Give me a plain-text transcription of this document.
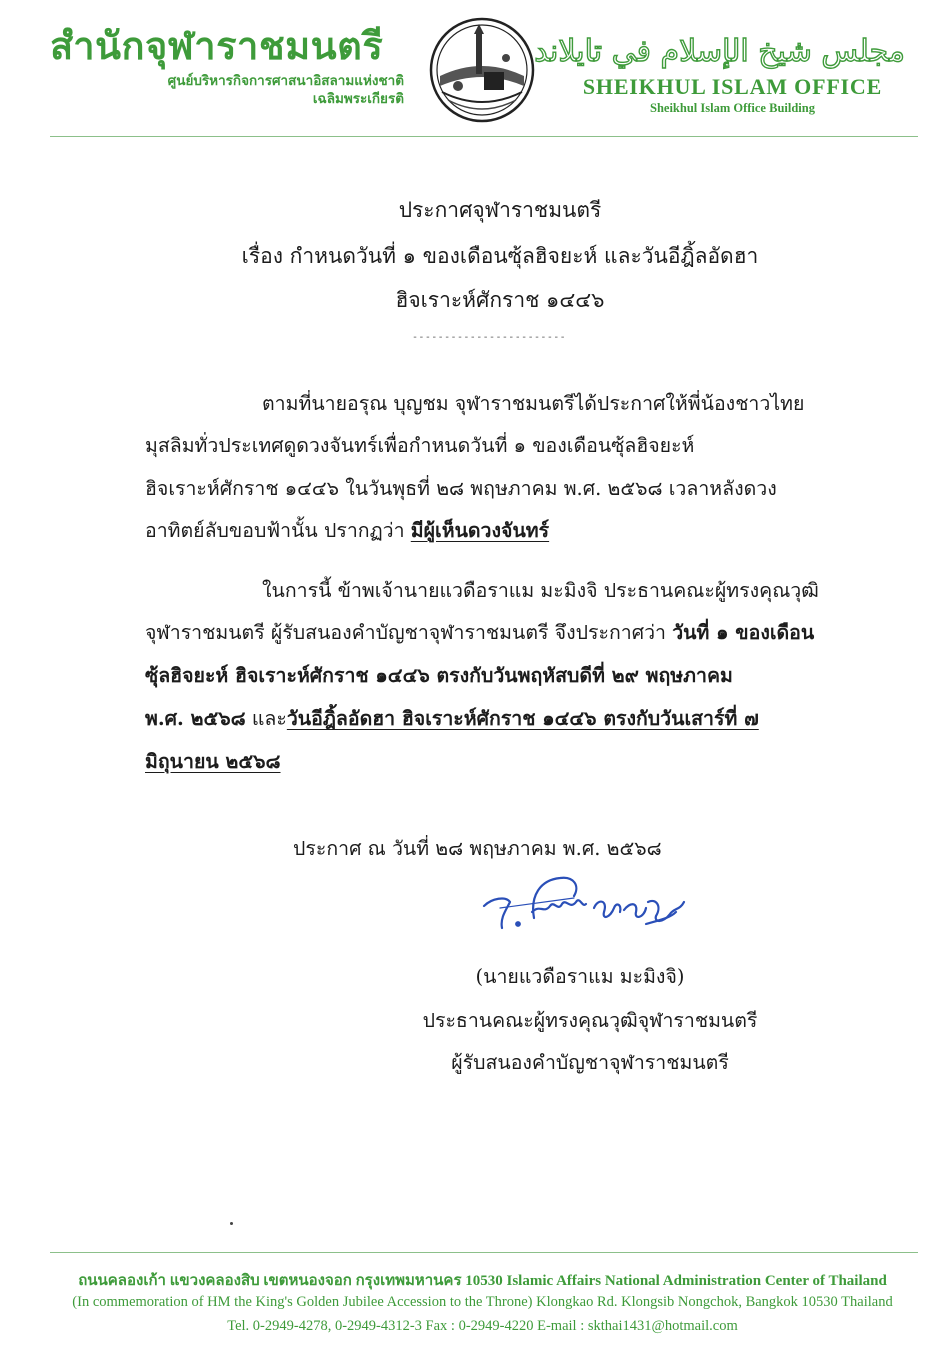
สำนักจุฬาราชมนตรี
ศูนย์บริหารกิจการศาสนาอิสลามแห่งชาติ
เฉลิมพระเกียรติ
مجلس شيخ الإسلام في تايلاند
SHEIKHUL ISLAM OFFICE
Sheikhul Islam Office Building
ประกาศจุฬาราชมนตรี
เรื่อง กำหนดวันที่ ๑ ของเดือนซุ้ลฮิจยะห์ และวันอีฎิ้ลอัดฮา
ฮิจเราะห์ศักราช ๑๔๔๖
------------------------
ตามที่นายอรุณ บุญชม จุฬาราชมนตรีได้ประกาศให้พี่น้องชาวไทย
มุสลิมทั่วประเทศดูดวงจันทร์เพื่อกำหนดวันที่ ๑ ของเดือนซุ้ลฮิจยะห์
ฮิจเราะห์ศักราช ๑๔๔๖ ในวันพุธที่ ๒๘ พฤษภาคม พ.ศ. ๒๕๖๘ เวลาหลังดวง
อาทิตย์ลับขอบฟ้านั้น ปรากฏว่า มีผู้เห็นดวงจันทร์
ในการนี้ ข้าพเจ้านายแวดือราแม มะมิงจิ ประธานคณะผู้ทรงคุณวุฒิ
จุฬาราชมนตรี ผู้รับสนองคำบัญชาจุฬาราชมนตรี จึงประกาศว่า วันที่ ๑ ของเดือน
ซุ้ลฮิจยะห์ ฮิจเราะห์ศักราช ๑๔๔๖ ตรงกับวันพฤหัสบดีที่ ๒๙ พฤษภาคม
พ.ศ. ๒๕๖๘ และวันอีฎิ้ลอัดฮา ฮิจเราะห์ศักราช ๑๔๔๖ ตรงกับวันเสาร์ที่ ๗
มิถุนายน ๒๕๖๘
ประกาศ ณ วันที่ ๒๘ พฤษภาคม พ.ศ. ๒๕๖๘
(นายแวดือราแม มะมิงจิ)
ประธานคณะผู้ทรงคุณวุฒิจุฬาราชมนตรี
ผู้รับสนองคำบัญชาจุฬาราชมนตรี
ถนนคลองเก้า แขวงคลองสิบ เขตหนองจอก กรุงเทพมหานคร 10530 Islamic Affairs National Administration Center of Thailand
(In commemoration of HM the King's Golden Jubilee Accession to the Throne) Klongkao Rd. Klongsib Nongchok, Bangkok 10530 Thailand
Tel. 0-2949-4278, 0-2949-4312-3 Fax : 0-2949-4220 E-mail : skthai1431@hotmail.com
